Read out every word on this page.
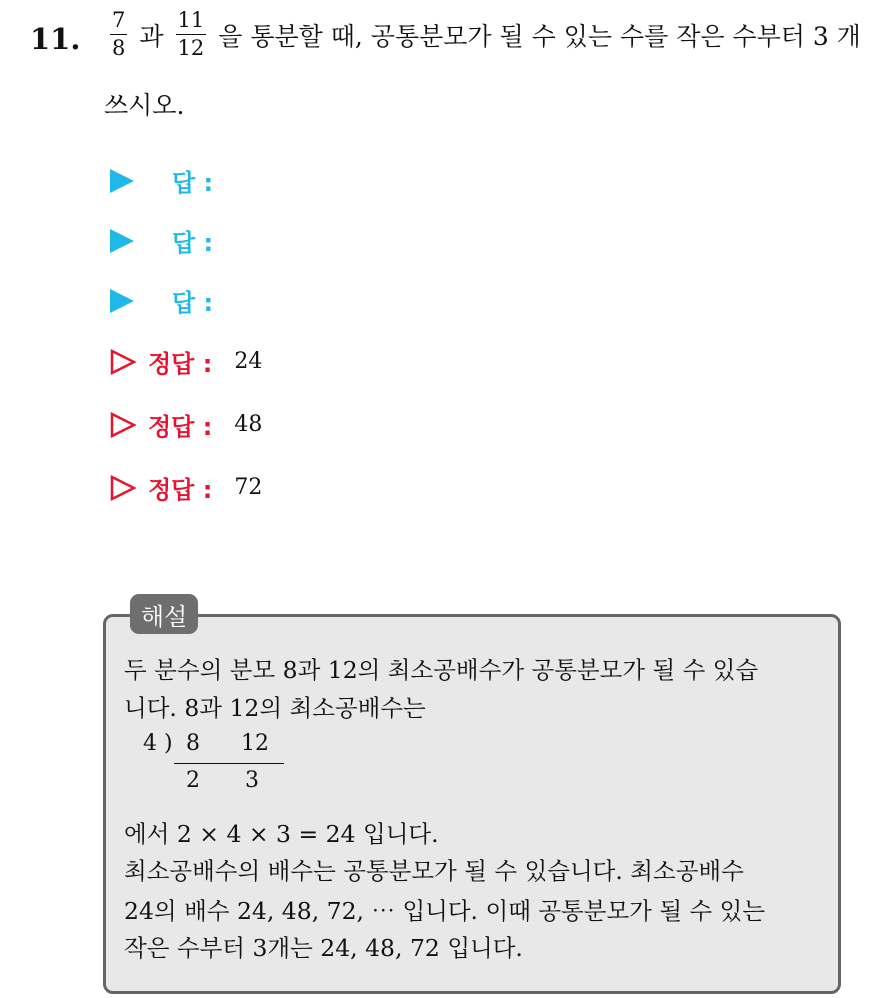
11. $\frac{7}{8}$ 과 $\frac{11}{12}$ 을 통분할 때, 공통분모가 될 수 있는 수를 작은 수부터 3 개
쓰시오.
답 :
답 :
답 :
정답 : 24
정답 : 48
정답 : 72
해설
두 분수의 분모 8과 12의 최소공배수가 공통분모가 될 수 있습
니다. 8과 12의 최소공배수는
4 ) 8 12
2 3
에서 2 × 4 × 3 = 24 입니다.
최소공배수의 배수는 공통분모가 될 수 있습니다. 최소공배수
24의 배수 24, 48, 72, ⋯ 입니다. 이때 공통분모가 될 수 있는
작은 수부터 3개는 24, 48, 72 입니다.
